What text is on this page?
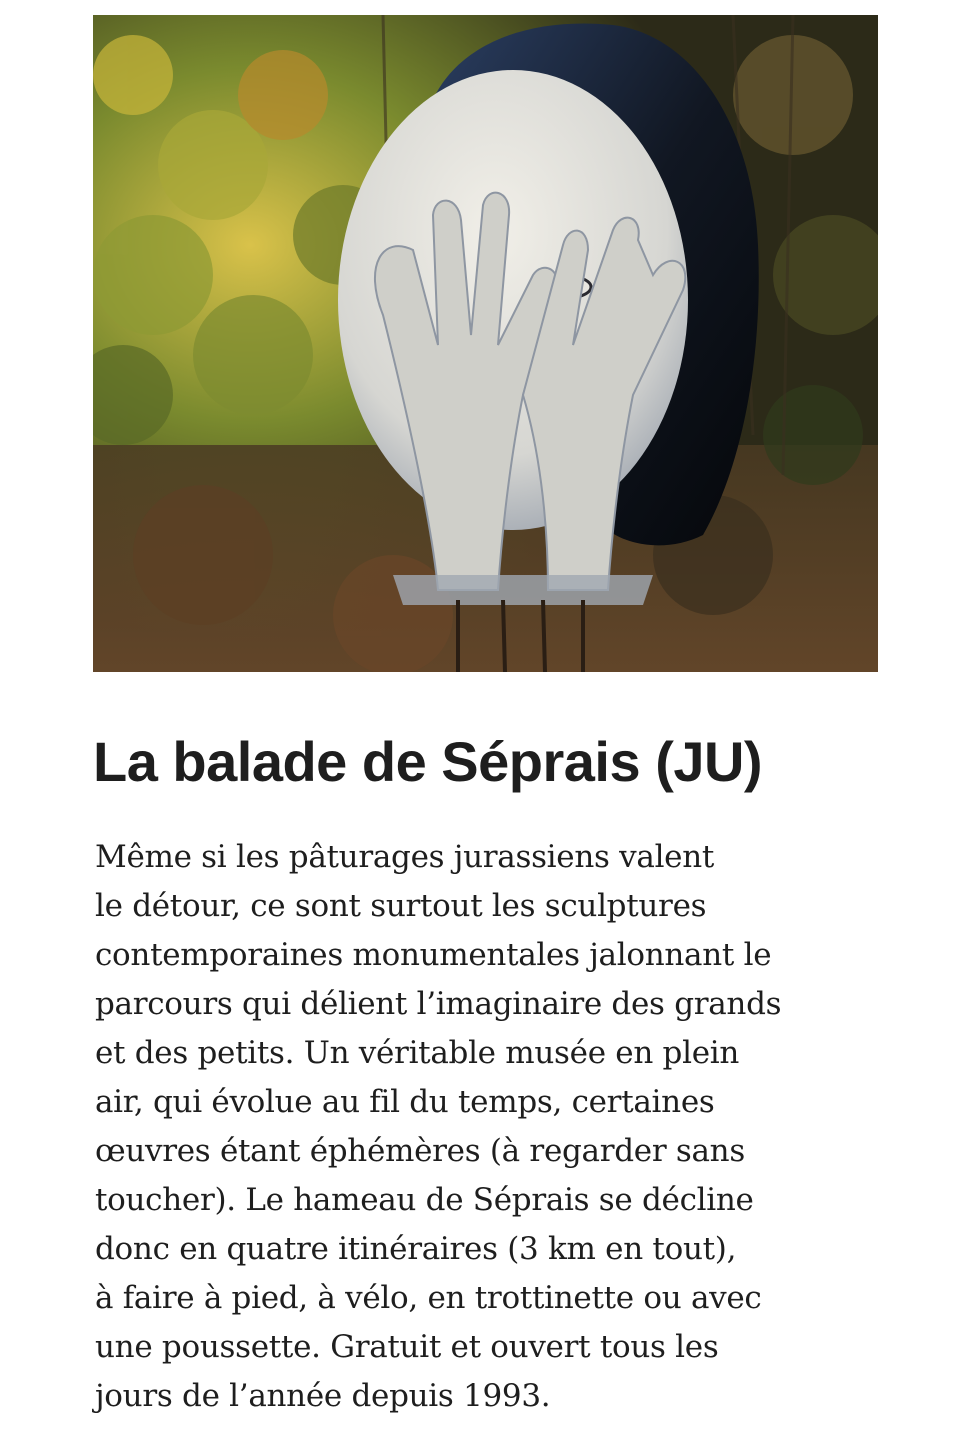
La balade de Séprais (JU)

Même si les pâturages jurassiens valent
le détour, ce sont surtout les sculptures
contemporaines monumentales jalonnant le
parcours qui délient l’imaginaire des grands
et des petits. Un véritable musée en plein
air, qui évolue au fil du temps, certaines
œuvres étant éphémères (à regarder sans
toucher). Le hameau de Séprais se décline
donc en quatre itinéraires (3 km en tout),
à faire à pied, à vélo, en trottinette ou avec
une poussette. Gratuit et ouvert tous les
jours de l’année depuis 1993.
